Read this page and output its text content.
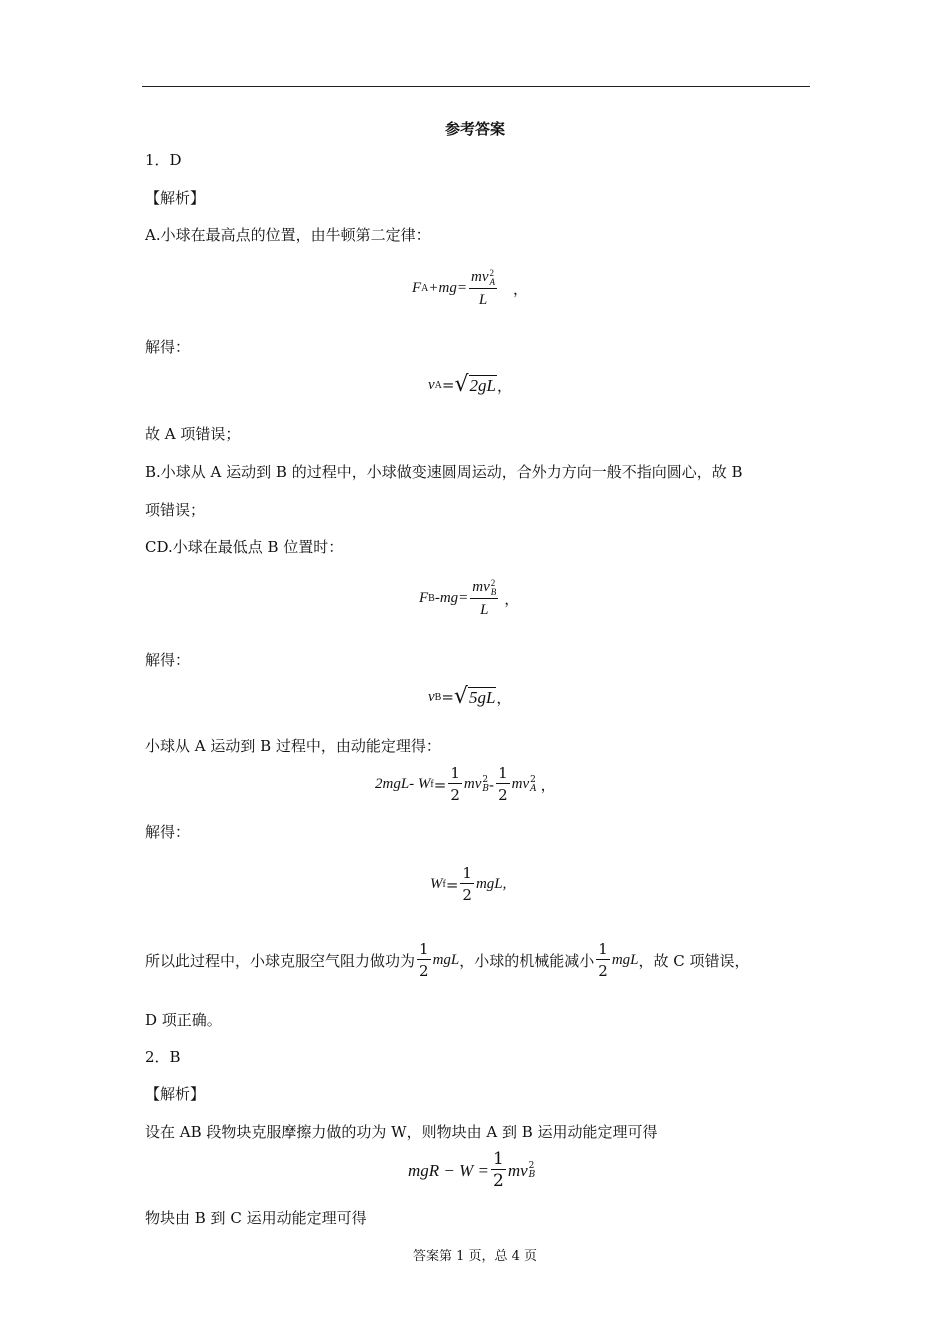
参考答案
1．D
【解析】
A.小球在最高点的位置，由牛顿第二定律：
F A +mg= mv 2
A
L ，
解得：
v A = √ 2gL ，
故 A 项错误；
B.小球从 A 运动到 B 的过程中，小球做变速圆周运动，合外力方向一般不指向圆心，故 B
项错误；
CD.小球在最低点 B 位置时：
F B -mg= mv 2
B
L ，
解得：
v B = √ 5gL ，
小球从 A 运动到 B 过程中，由动能定理得：
2mgL- W $f = \frac{1}{2}$ mv 2
B - $\frac{1}{2}$ mv 2
A ，
解得：
W $f = \frac{1}{2}$ mgL,
所以此过程中，小球克服空气阻力做功为 $\frac{1}{2}$ mgL ，小球的机械能减小 $\frac{1}{2}$ mgL ，故 C 项错误，
D 项正确。
2．B
【解析】
设在 AB 段物块克服摩擦力做的功为 W，则物块由 A 到 B 运用动能定理可得
mgR − $W = \frac{1}{2}$ mv 2
B
物块由 B 到 C 运用动能定理可得
答案第 1 页，总 4 页
